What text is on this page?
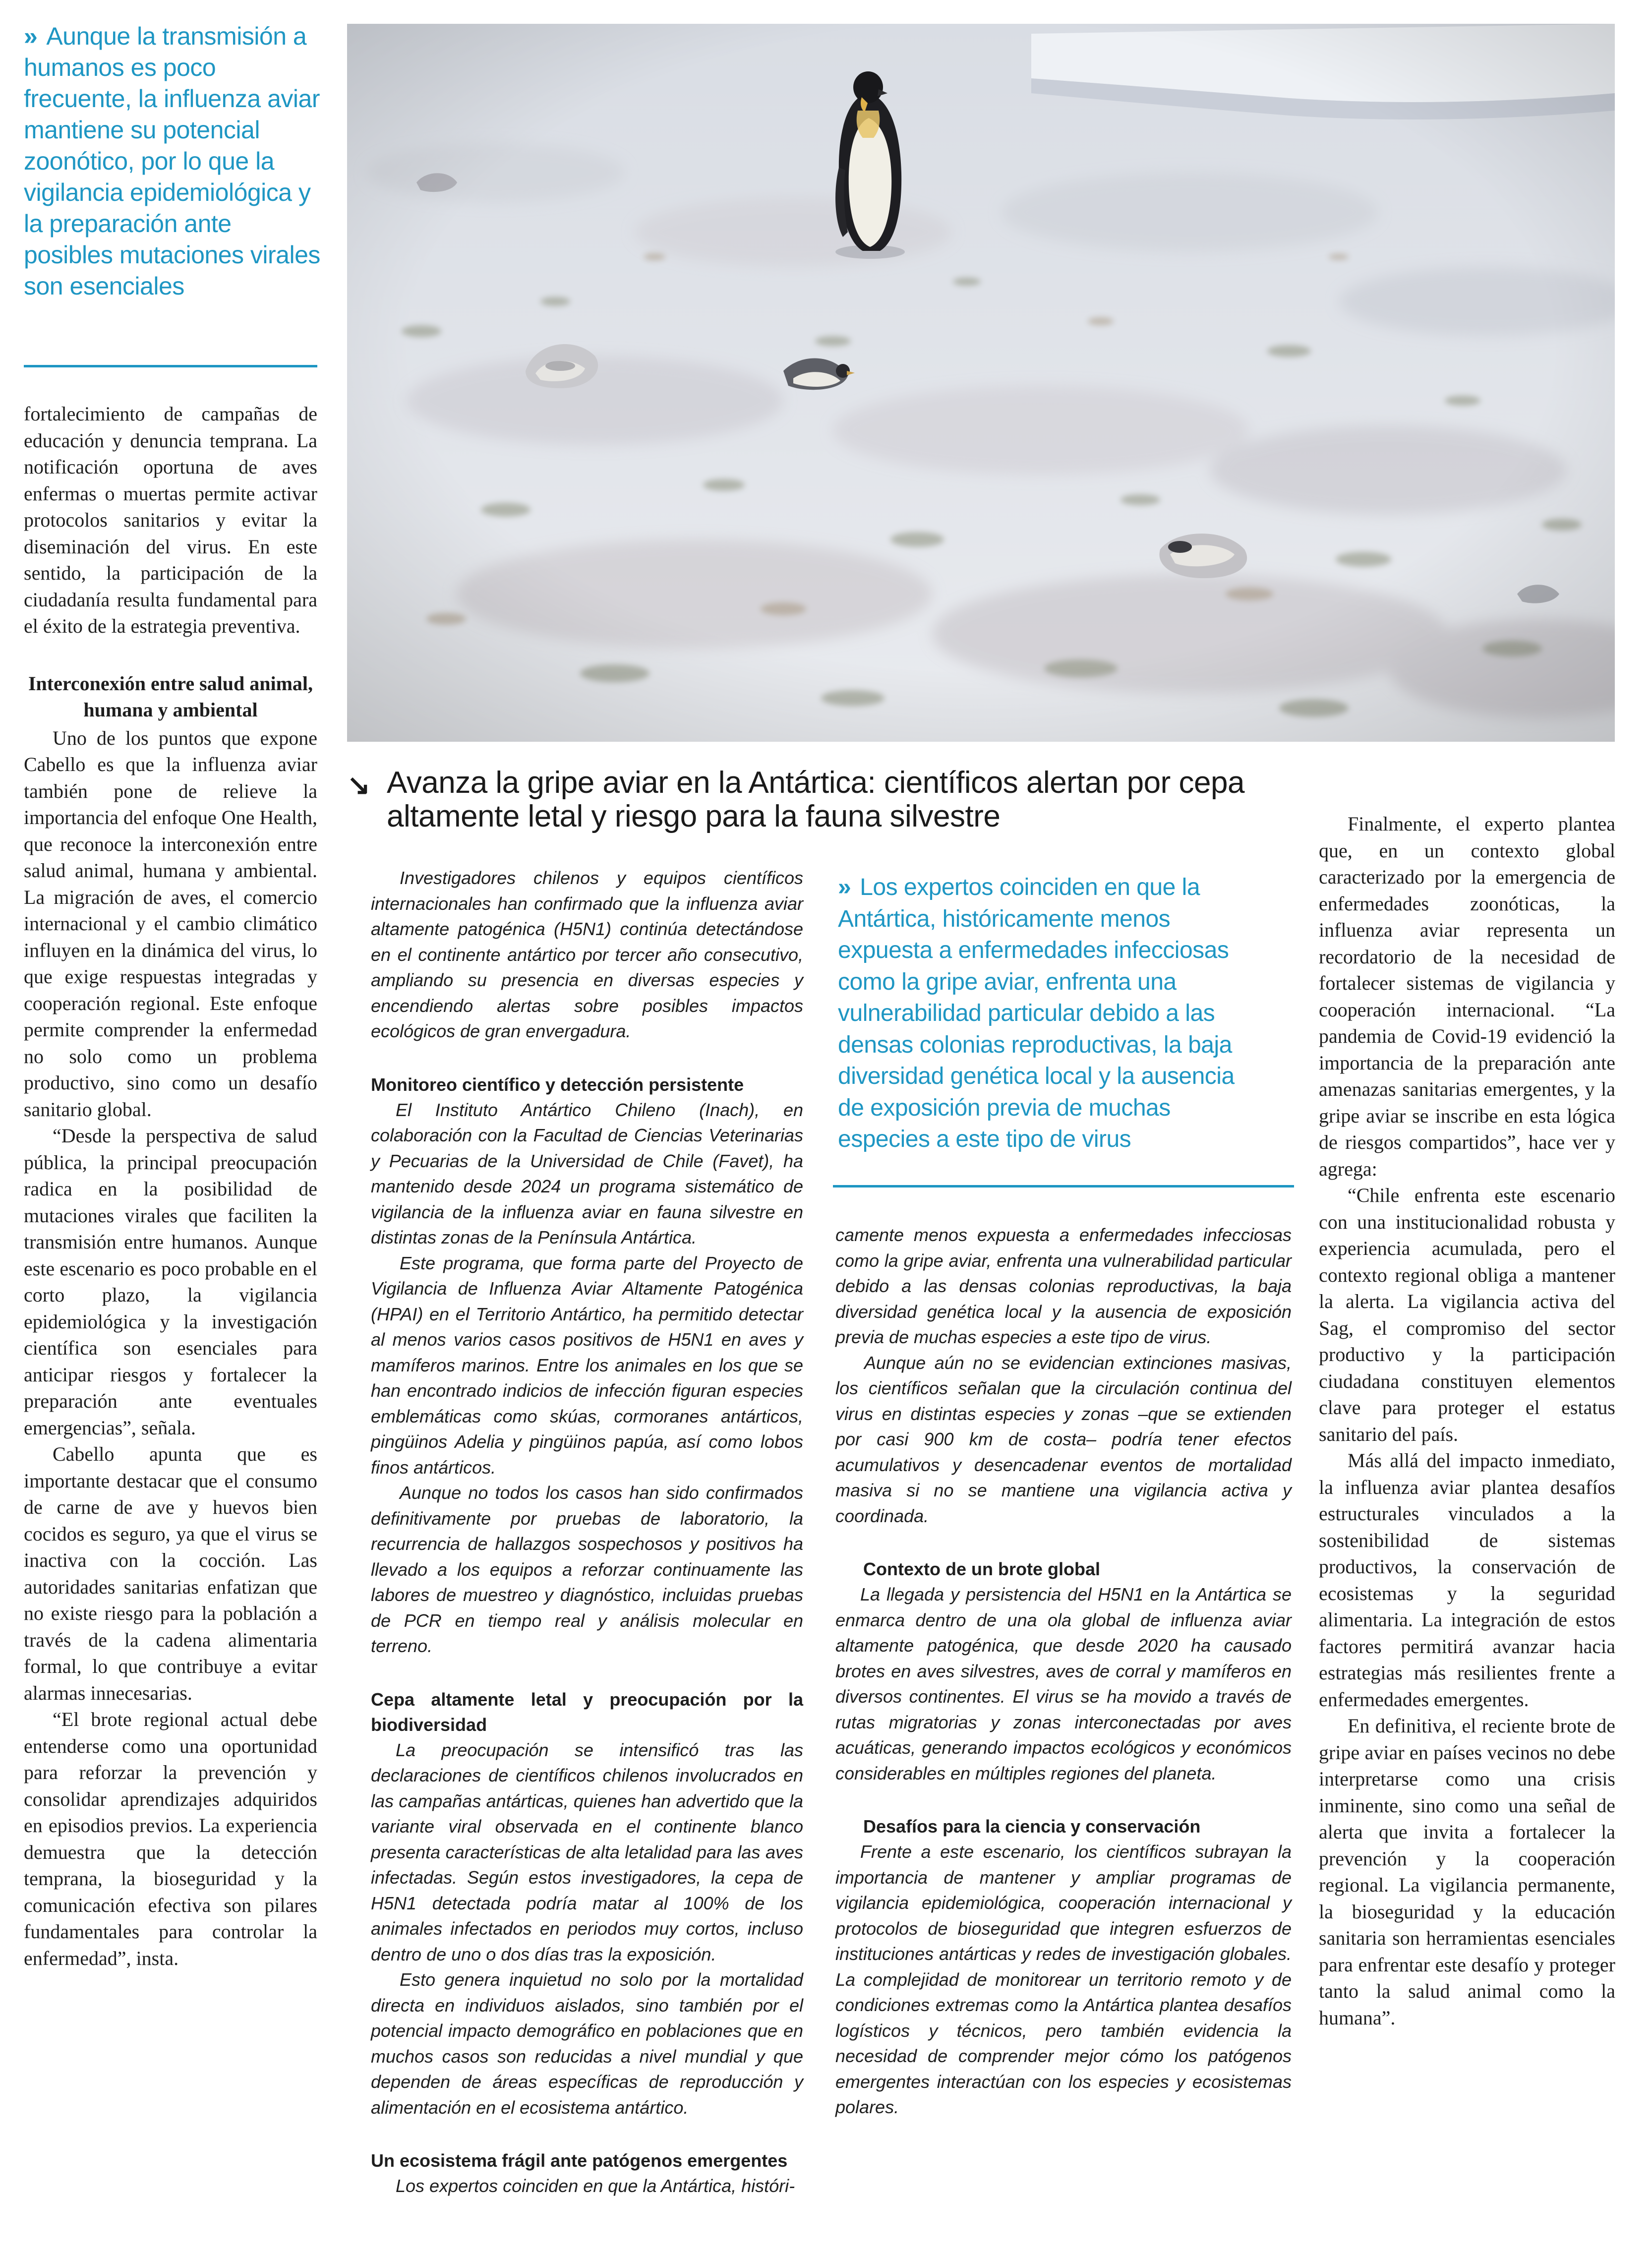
» Aunque la transmisión a humanos es poco frecuente, la influenza aviar mantiene su potencial zoonótico, por lo que la vigilancia epidemiológica y la preparación ante posibles mutaciones virales son esenciales

fortalecimiento de campañas de educación y denuncia temprana. La notificación oportuna de aves enfermas o muertas permite activar protocolos sanitarios y evitar la diseminación del virus. En este sentido, la participación de la ciudadanía resulta fundamental para el éxito de la estrategia preventiva.

Interconexión entre salud animal, humana y ambiental

Uno de los puntos que expone Cabello es que la influenza aviar también pone de relieve la importancia del enfoque One Health, que reconoce la interconexión entre salud animal, humana y ambiental. La migración de aves, el comercio internacional y el cambio climático influyen en la dinámica del virus, lo que exige respuestas integradas y cooperación regional. Este enfoque permite comprender la enfermedad no solo como un problema productivo, sino como un desafío sanitario global.

“Desde la perspectiva de salud pública, la principal preocupación radica en la posibilidad de mutaciones virales que faciliten la transmisión entre humanos. Aunque este escenario es poco probable en el corto plazo, la vigilancia epidemiológica y la investigación científica son esenciales para anticipar riesgos y fortalecer la preparación ante eventuales emergencias”, señala.

Cabello apunta que es importante destacar que el consumo de carne de ave y huevos bien cocidos es seguro, ya que el virus se inactiva con la cocción. Las autoridades sanitarias enfatizan que no existe riesgo para la población a través de la cadena alimentaria formal, lo que contribuye a evitar alarmas innecesarias.

“El brote regional actual debe entenderse como una oportunidad para reforzar la prevención y consolidar aprendizajes adquiridos en episodios previos. La experiencia demuestra que la detección temprana, la bioseguridad y la comunicación efectiva son pilares fundamentales para controlar la enfermedad”, insta.

↘ Avanza la gripe aviar en la Antártica: científicos alertan por cepa altamente letal y riesgo para la fauna silvestre

Investigadores chilenos y equipos científicos internacionales han confirmado que la influenza aviar altamente patogénica (H5N1) continúa detectándose en el continente antártico por tercer año consecutivo, ampliando su presencia en diversas especies y encendiendo alertas sobre posibles impactos ecológicos de gran envergadura.

Monitoreo científico y detección persistente

El Instituto Antártico Chileno (Inach), en colaboración con la Facultad de Ciencias Veterinarias y Pecuarias de la Universidad de Chile (Favet), ha mantenido desde 2024 un programa sistemático de vigilancia de la influenza aviar en fauna silvestre en distintas zonas de la Península Antártica.

Este programa, que forma parte del Proyecto de Vigilancia de Influenza Aviar Altamente Patogénica (HPAI) en el Territorio Antártico, ha permitido detectar al menos varios casos positivos de H5N1 en aves y mamíferos marinos. Entre los animales en los que se han encontrado indicios de infección figuran especies emblemáticas como skúas, cormoranes antárticos, pingüinos Adelia y pingüinos papúa, así como lobos finos antárticos.

Aunque no todos los casos han sido confirmados definitivamente por pruebas de laboratorio, la recurrencia de hallazgos sospechosos y positivos ha llevado a los equipos a reforzar continuamente las labores de muestreo y diagnóstico, incluidas pruebas de PCR en tiempo real y análisis molecular en terreno.

Cepa altamente letal y preocupación por la biodiversidad

La preocupación se intensificó tras las declaraciones de científicos chilenos involucrados en las campañas antárticas, quienes han advertido que la variante viral observada en el continente blanco presenta características de alta letalidad para las aves infectadas. Según estos investigadores, la cepa de H5N1 detectada podría matar al 100% de los animales infectados en periodos muy cortos, incluso dentro de uno o dos días tras la exposición.

Esto genera inquietud no solo por la mortalidad directa en individuos aislados, sino también por el potencial impacto demográfico en poblaciones que en muchos casos son reducidas a nivel mundial y que dependen de áreas específicas de reproducción y alimentación en el ecosistema antártico.

Un ecosistema frágil ante patógenos emergentes

Los expertos coinciden en que la Antártica, históri-

» Los expertos coinciden en que la Antártica, históricamente menos expuesta a enfermedades infecciosas como la gripe aviar, enfrenta una vulnerabilidad particular debido a las densas colonias reproductivas, la baja diversidad genética local y la ausencia de exposición previa de muchas especies a este tipo de virus

camente menos expuesta a enfermedades infecciosas como la gripe aviar, enfrenta una vulnerabilidad particular debido a las densas colonias reproductivas, la baja diversidad genética local y la ausencia de exposición previa de muchas especies a este tipo de virus.

Aunque aún no se evidencian extinciones masivas, los científicos señalan que la circulación continua del virus en distintas especies y zonas –que se extienden por casi 900 km de costa– podría tener efectos acumulativos y desencadenar eventos de mortalidad masiva si no se mantiene una vigilancia activa y coordinada.

Contexto de un brote global

La llegada y persistencia del H5N1 en la Antártica se enmarca dentro de una ola global de influenza aviar altamente patogénica, que desde 2020 ha causado brotes en aves silvestres, aves de corral y mamíferos en diversos continentes. El virus se ha movido a través de rutas migratorias y zonas interconectadas por aves acuáticas, generando impactos ecológicos y económicos considerables en múltiples regiones del planeta.

Desafíos para la ciencia y conservación

Frente a este escenario, los científicos subrayan la importancia de mantener y ampliar programas de vigilancia epidemiológica, cooperación internacional y protocolos de bioseguridad que integren esfuerzos de instituciones antárticas y redes de investigación globales. La complejidad de monitorear un territorio remoto y de condiciones extremas como la Antártica plantea desafíos logísticos y técnicos, pero también evidencia la necesidad de comprender mejor cómo los patógenos emergentes interactúan con los especies y ecosistemas polares.

Finalmente, el experto plantea que, en un contexto global caracterizado por la emergencia de enfermedades zoonóticas, la influenza aviar representa un recordatorio de la necesidad de fortalecer sistemas de vigilancia y cooperación internacional. “La pandemia de Covid-19 evidenció la importancia de la preparación ante amenazas sanitarias emergentes, y la gripe aviar se inscribe en esta lógica de riesgos compartidos”, hace ver y agrega:

“Chile enfrenta este escenario con una institucionalidad robusta y experiencia acumulada, pero el contexto regional obliga a mantener la alerta. La vigilancia activa del Sag, el compromiso del sector productivo y la participación ciudadana constituyen elementos clave para proteger el estatus sanitario del país.

Más allá del impacto inmediato, la influenza aviar plantea desafíos estructurales vinculados a la sostenibilidad de sistemas productivos, la conservación de ecosistemas y la seguridad alimentaria. La integración de estos factores permitirá avanzar hacia estrategias más resilientes frente a enfermedades emergentes.

En definitiva, el reciente brote de gripe aviar en países vecinos no debe interpretarse como una crisis inminente, sino como una señal de alerta que invita a fortalecer la prevención y la cooperación regional. La vigilancia permanente, la bioseguridad y la educación sanitaria son herramientas esenciales para enfrentar este desafío y proteger tanto la salud animal como la humana”.
